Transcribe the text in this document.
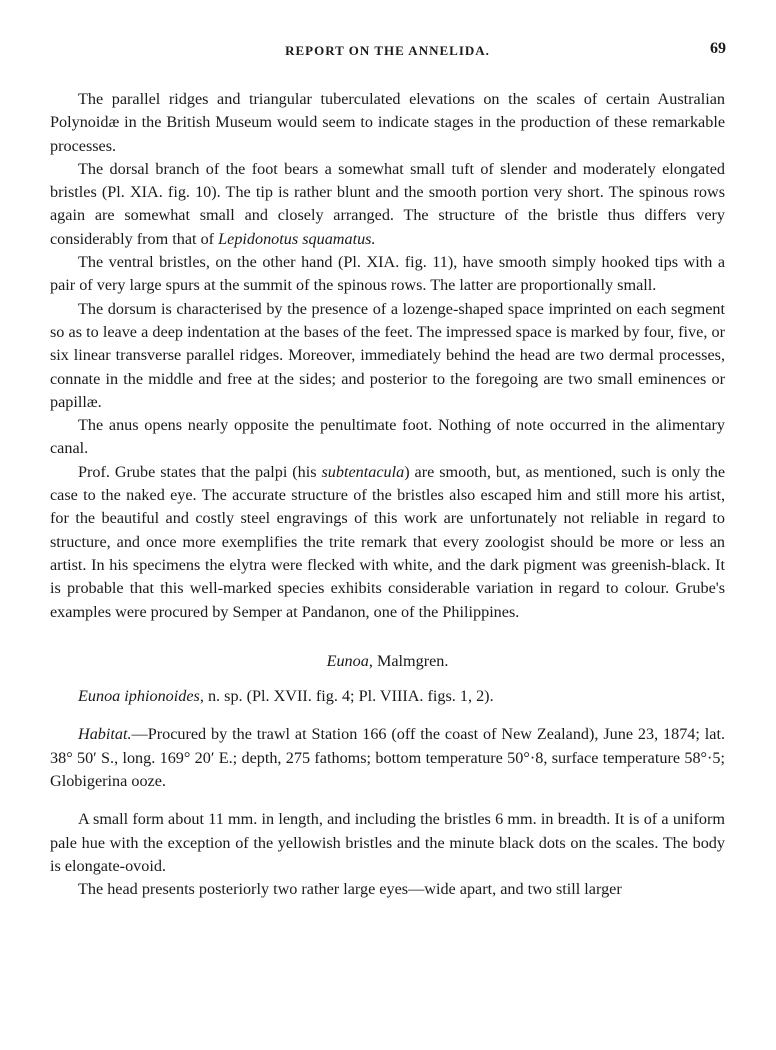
REPORT ON THE ANNELIDA.	69

The parallel ridges and triangular tuberculated elevations on the scales of certain Australian Polynoidæ in the British Museum would seem to indicate stages in the production of these remarkable processes.

The dorsal branch of the foot bears a somewhat small tuft of slender and moderately elongated bristles (Pl. XIA. fig. 10). The tip is rather blunt and the smooth portion very short. The spinous rows again are somewhat small and closely arranged. The structure of the bristle thus differs very considerably from that of Lepidonotus squamatus.

The ventral bristles, on the other hand (Pl. XIA. fig. 11), have smooth simply hooked tips with a pair of very large spurs at the summit of the spinous rows. The latter are proportionally small.

The dorsum is characterised by the presence of a lozenge-shaped space imprinted on each segment so as to leave a deep indentation at the bases of the feet. The impressed space is marked by four, five, or six linear transverse parallel ridges. Moreover, immediately behind the head are two dermal processes, connate in the middle and free at the sides; and posterior to the foregoing are two small eminences or papillæ.

The anus opens nearly opposite the penultimate foot. Nothing of note occurred in the alimentary canal.

Prof. Grube states that the palpi (his subtentacula) are smooth, but, as mentioned, such is only the case to the naked eye. The accurate structure of the bristles also escaped him and still more his artist, for the beautiful and costly steel engravings of this work are unfortunately not reliable in regard to structure, and once more exemplifies the trite remark that every zoologist should be more or less an artist. In his specimens the elytra were flecked with white, and the dark pigment was greenish-black. It is probable that this well-marked species exhibits considerable variation in regard to colour. Grube's examples were procured by Semper at Pandanon, one of the Philippines.

Eunoa, Malmgren.

Eunoa iphionoides, n. sp. (Pl. XVII. fig. 4; Pl. VIIIA. figs. 1, 2).

Habitat.—Procured by the trawl at Station 166 (off the coast of New Zealand), June 23, 1874; lat. 38° 50′ S., long. 169° 20′ E.; depth, 275 fathoms; bottom temperature 50°·8, surface temperature 58°·5; Globigerina ooze.

A small form about 11 mm. in length, and including the bristles 6 mm. in breadth. It is of a uniform pale hue with the exception of the yellowish bristles and the minute black dots on the scales. The body is elongate-ovoid.

The head presents posteriorly two rather large eyes—wide apart, and two still larger
